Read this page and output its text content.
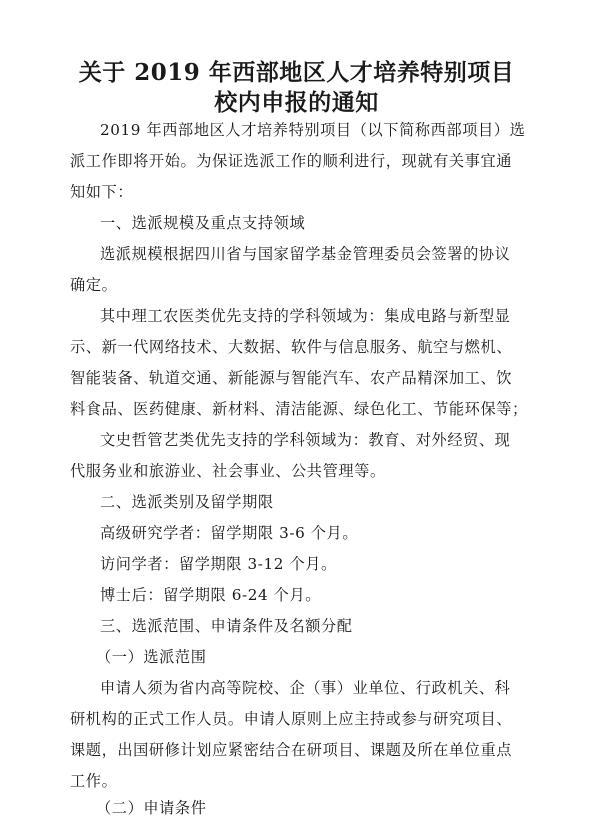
关于 2019 年西部地区人才培养特别项目
校内申报的通知
2019 年西部地区人才培养特别项目（以下简称西部项目）选
派工作即将开始。为保证选派工作的顺利进行，现就有关事宜通
知如下：
一、选派规模及重点支持领域
选派规模根据四川省与国家留学基金管理委员会签署的协议
确定。
其中理工农医类优先支持的学科领域为：集成电路与新型显
示、新一代网络技术、大数据、软件与信息服务、航空与燃机、
智能装备、轨道交通、新能源与智能汽车、农产品精深加工、饮
料食品、医药健康、新材料、清洁能源、绿色化工、节能环保等；
文史哲管艺类优先支持的学科领域为：教育、对外经贸、现
代服务业和旅游业、社会事业、公共管理等。
二、选派类别及留学期限
高级研究学者：留学期限 3-6 个月。
访问学者：留学期限 3-12 个月。
博士后：留学期限 6-24 个月。
三、选派范围、申请条件及名额分配
（一）选派范围
申请人须为省内高等院校、企（事）业单位、行政机关、科
研机构的正式工作人员。申请人原则上应主持或参与研究项目、
课题，出国研修计划应紧密结合在研项目、课题及所在单位重点
工作。
（二）申请条件
